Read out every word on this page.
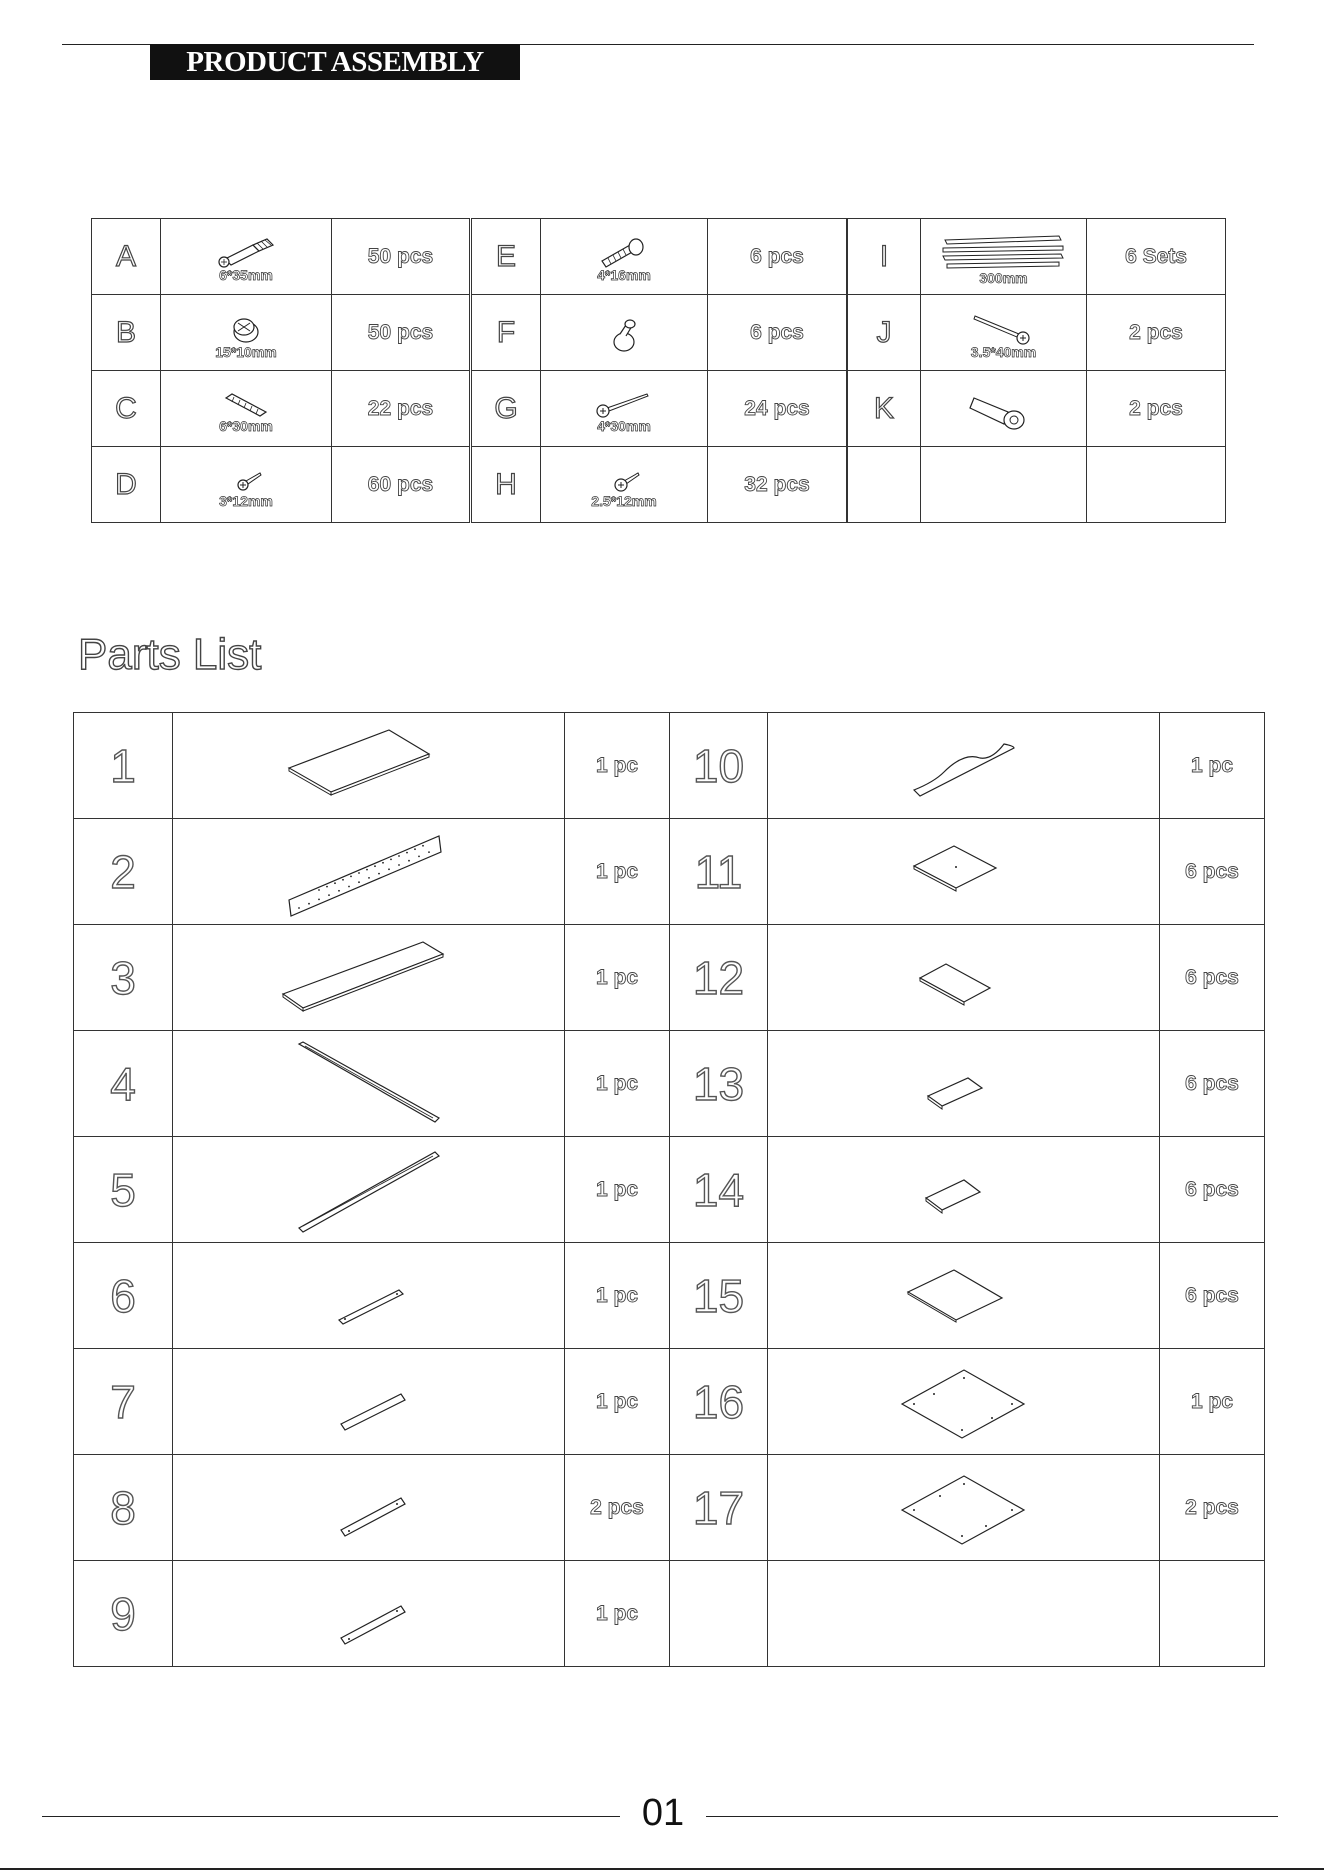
PRODUCT ASSEMBLY
A	6*35mm	50 pcs
B	15*10mm	50 pcs
C	6*30mm	22 pcs
D	3*12mm	60 pcs
E	4*16mm	6 pcs
F		6 pcs
G	4*30mm	24 pcs
H	2.5*12mm	32 pcs
I	300mm	6 Sets
J	3.5*40mm	2 pcs
K		2 pcs

Parts List
1		1 pc	10		1 pc
2		1 pc	11		6 pcs
3		1 pc	12		6 pcs
4		1 pc	13		6 pcs
5		1 pc	14		6 pcs
6		1 pc	15		6 pcs
7		1 pc	16		1 pc
8		2 pcs	17		2 pcs
9		1 pc			
01
